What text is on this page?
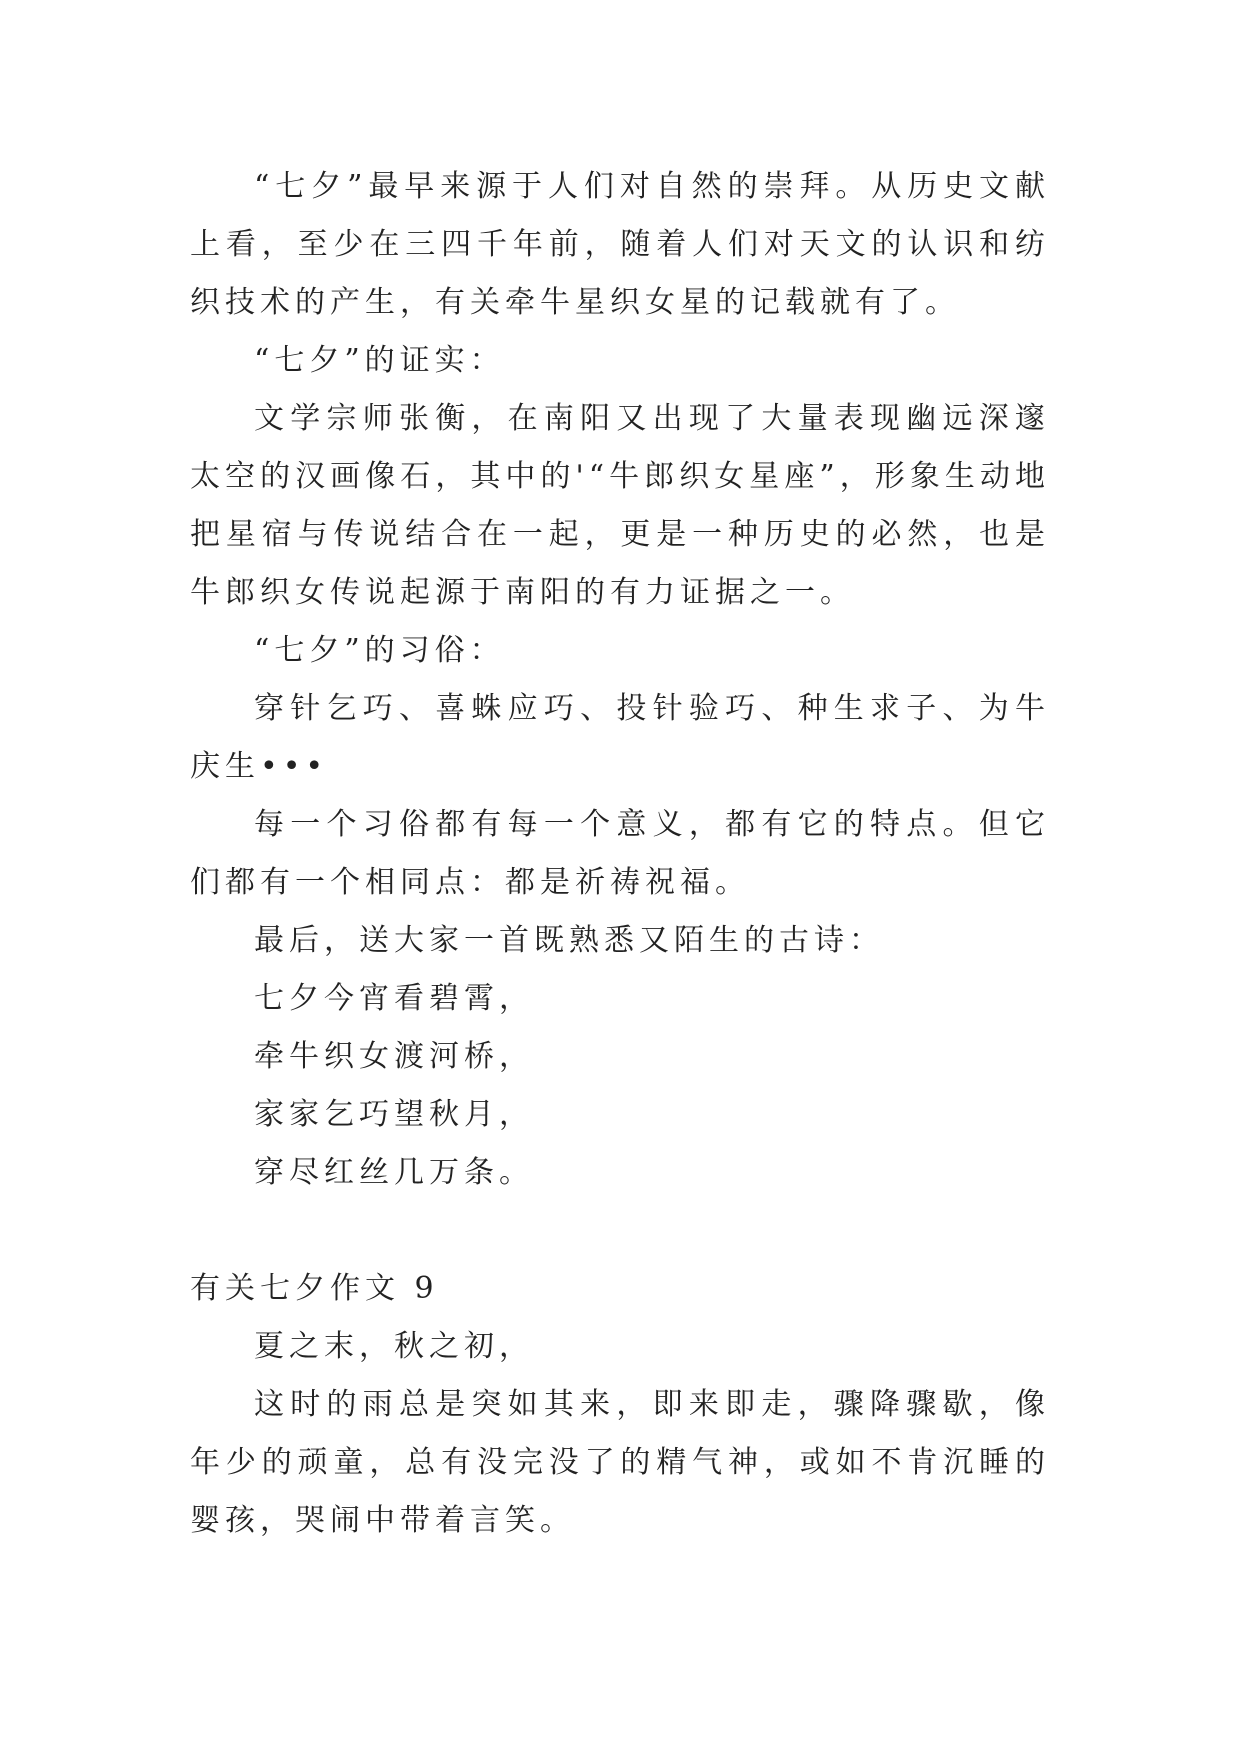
“七夕”最早来源于人们对自然的崇拜。从历史文献上看，至少在三四千年前，随着人们对天文的认识和纺织技术的产生，有关牵牛星织女星的记载就有了。

“七夕”的证实：

文学宗师张衡，在南阳又出现了大量表现幽远深邃太空的汉画像石，其中的'“牛郎织女星座”，形象生动地把星宿与传说结合在一起，更是一种历史的必然，也是牛郎织女传说起源于南阳的有力证据之一。

“七夕”的习俗：

穿针乞巧、喜蛛应巧、投针验巧、种生求子、为牛庆生•••

每一个习俗都有每一个意义，都有它的特点。但它们都有一个相同点：都是祈祷祝福。

最后，送大家一首既熟悉又陌生的古诗：

七夕今宵看碧霄，

牵牛织女渡河桥，

家家乞巧望秋月，

穿尽红丝几万条。

有关七夕作文 9

夏之末，秋之初，

这时的雨总是突如其来，即来即走，骤降骤歇，像年少的顽童，总有没完没了的精气神，或如不肯沉睡的婴孩，哭闹中带着言笑。
